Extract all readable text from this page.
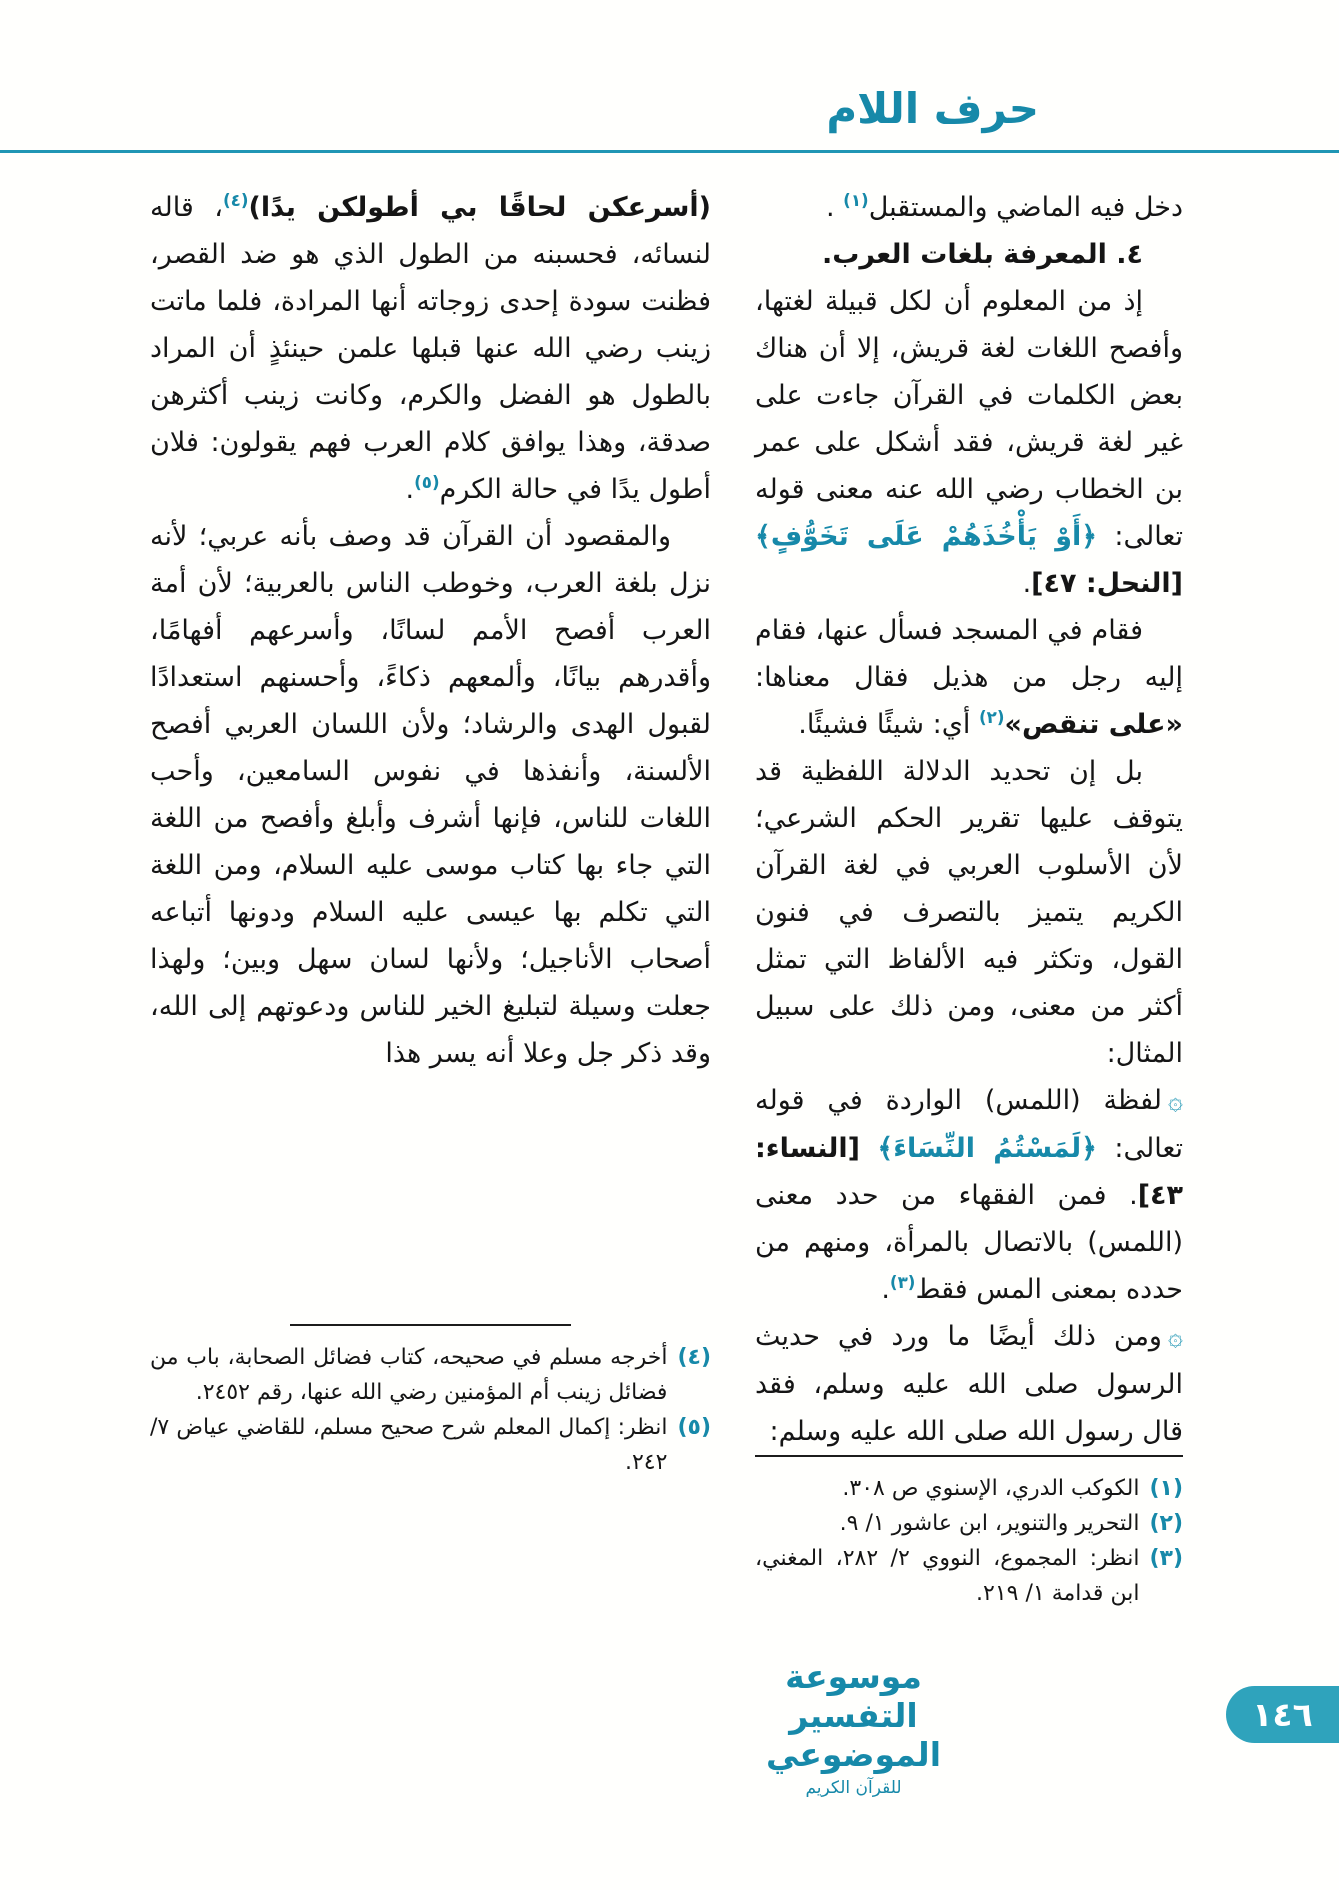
حرف اللام

دخل فيه الماضي والمستقبل$^{(١)}$ .

٤. المعرفة بلغات العرب.

إذ من المعلوم أن لكل قبيلة لغتها، وأفصح اللغات لغة قريش، إلا أن هناك بعض الكلمات في القرآن جاءت على غير لغة قريش، فقد أشكل على عمر بن الخطاب رضي الله عنه معنى قوله تعالى: ﴿أَوْ يَأْخُذَهُمْ عَلَى تَخَوُّفٍ﴾ [النحل: ٤٧].

فقام في المسجد فسأل عنها، فقام إليه رجل من هذيل فقال معناها: «على تنقص»$^{(٢)}$ أي: شيئًا فشيئًا.

بل إن تحديد الدلالة اللفظية قد يتوقف عليها تقرير الحكم الشرعي؛ لأن الأسلوب العربي في لغة القرآن الكريم يتميز بالتصرف في فنون القول، وتكثر فيه الألفاظ التي تمثل أكثر من معنى، ومن ذلك على سبيل المثال:

۞لفظة (اللمس) الواردة في قوله تعالى: ﴿لَمَسْتُمُ النِّسَاءَ﴾ [النساء: ٤٣]. فمن الفقهاء من حدد معنى (اللمس) بالاتصال بالمرأة، ومنهم من حدده بمعنى المس فقط$^{(٣)}$.

۞ومن ذلك أيضًا ما ورد في حديث الرسول صلى الله عليه وسلم، فقد قال رسول الله صلى الله عليه وسلم:

(١)
الكوكب الدري، الإسنوي ص ٣٠٨.
(٢)
التحرير والتنوير، ابن عاشور ١/ ٩.
(٣)
انظر: المجموع، النووي ٢/ ٢٨٢، المغني، ابن قدامة ١/ ٢١٩.

(أسرعكن لحاقًا بي أطولكن يدًا)$^{(٤)}$، قاله لنسائه، فحسبنه من الطول الذي هو ضد القصر، فظنت سودة إحدى زوجاته أنها المرادة، فلما ماتت زينب رضي الله عنها قبلها علمن حينئذٍ أن المراد بالطول هو الفضل والكرم، وكانت زينب أكثرهن صدقة، وهذا يوافق كلام العرب فهم يقولون: فلان أطول يدًا في حالة الكرم$^{(٥)}$.

والمقصود أن القرآن قد وصف بأنه عربي؛ لأنه نزل بلغة العرب، وخوطب الناس بالعربية؛ لأن أمة العرب أفصح الأمم لسانًا، وأسرعهم أفهامًا، وأقدرهم بيانًا، وألمعهم ذكاءً، وأحسنهم استعدادًا لقبول الهدى والرشاد؛ ولأن اللسان العربي أفصح الألسنة، وأنفذها في نفوس السامعين، وأحب اللغات للناس، فإنها أشرف وأبلغ وأفصح من اللغة التي جاء بها كتاب موسى عليه السلام، ومن اللغة التي تكلم بها عيسى عليه السلام ودونها أتباعه أصحاب الأناجيل؛ ولأنها لسان سهل وبين؛ ولهذا جعلت وسيلة لتبليغ الخير للناس ودعوتهم إلى الله، وقد ذكر جل وعلا أنه يسر هذا

(٤)
أخرجه مسلم في صحيحه، كتاب فضائل الصحابة، باب من فضائل زينب أم المؤمنين رضي الله عنها، رقم ٢٤٥٢.
(٥)
انظر: إكمال المعلم شرح صحيح مسلم، للقاضي عياض ٧/ ٢٤٢.
موسوعة التفسير الموضوعي
للقرآن الكريم
١٤٦
